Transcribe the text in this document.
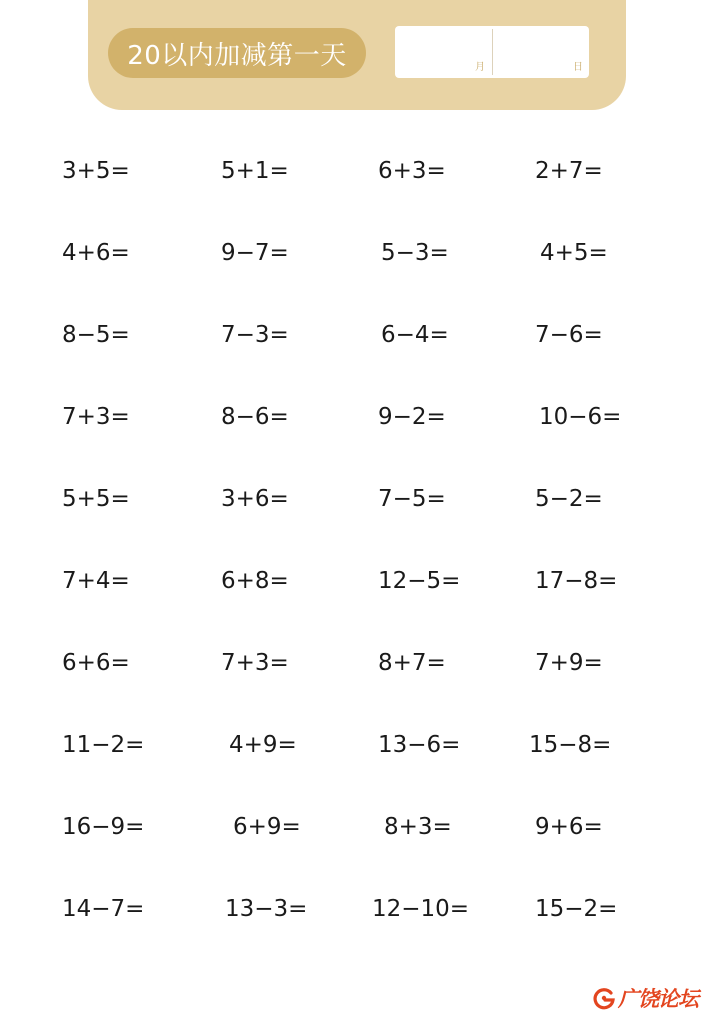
20以内加减第一天	月	日
3+5=	5+1=	6+3=	2+7=
4+6=	9−7=	5−3=	4+5=
8−5=	7−3=	6−4=	7−6=
7+3=	8−6=	9−2=	10−6=
5+5=	3+6=	7−5=	5−2=
7+4=	6+8=	12−5=	17−8=
6+6=	7+3=	8+7=	7+9=
11−2=	4+9=	13−6=	15−8=
16−9=	6+9=	8+3=	9+6=
14−7=	13−3=	12−10=	15−2=
广饶论坛
